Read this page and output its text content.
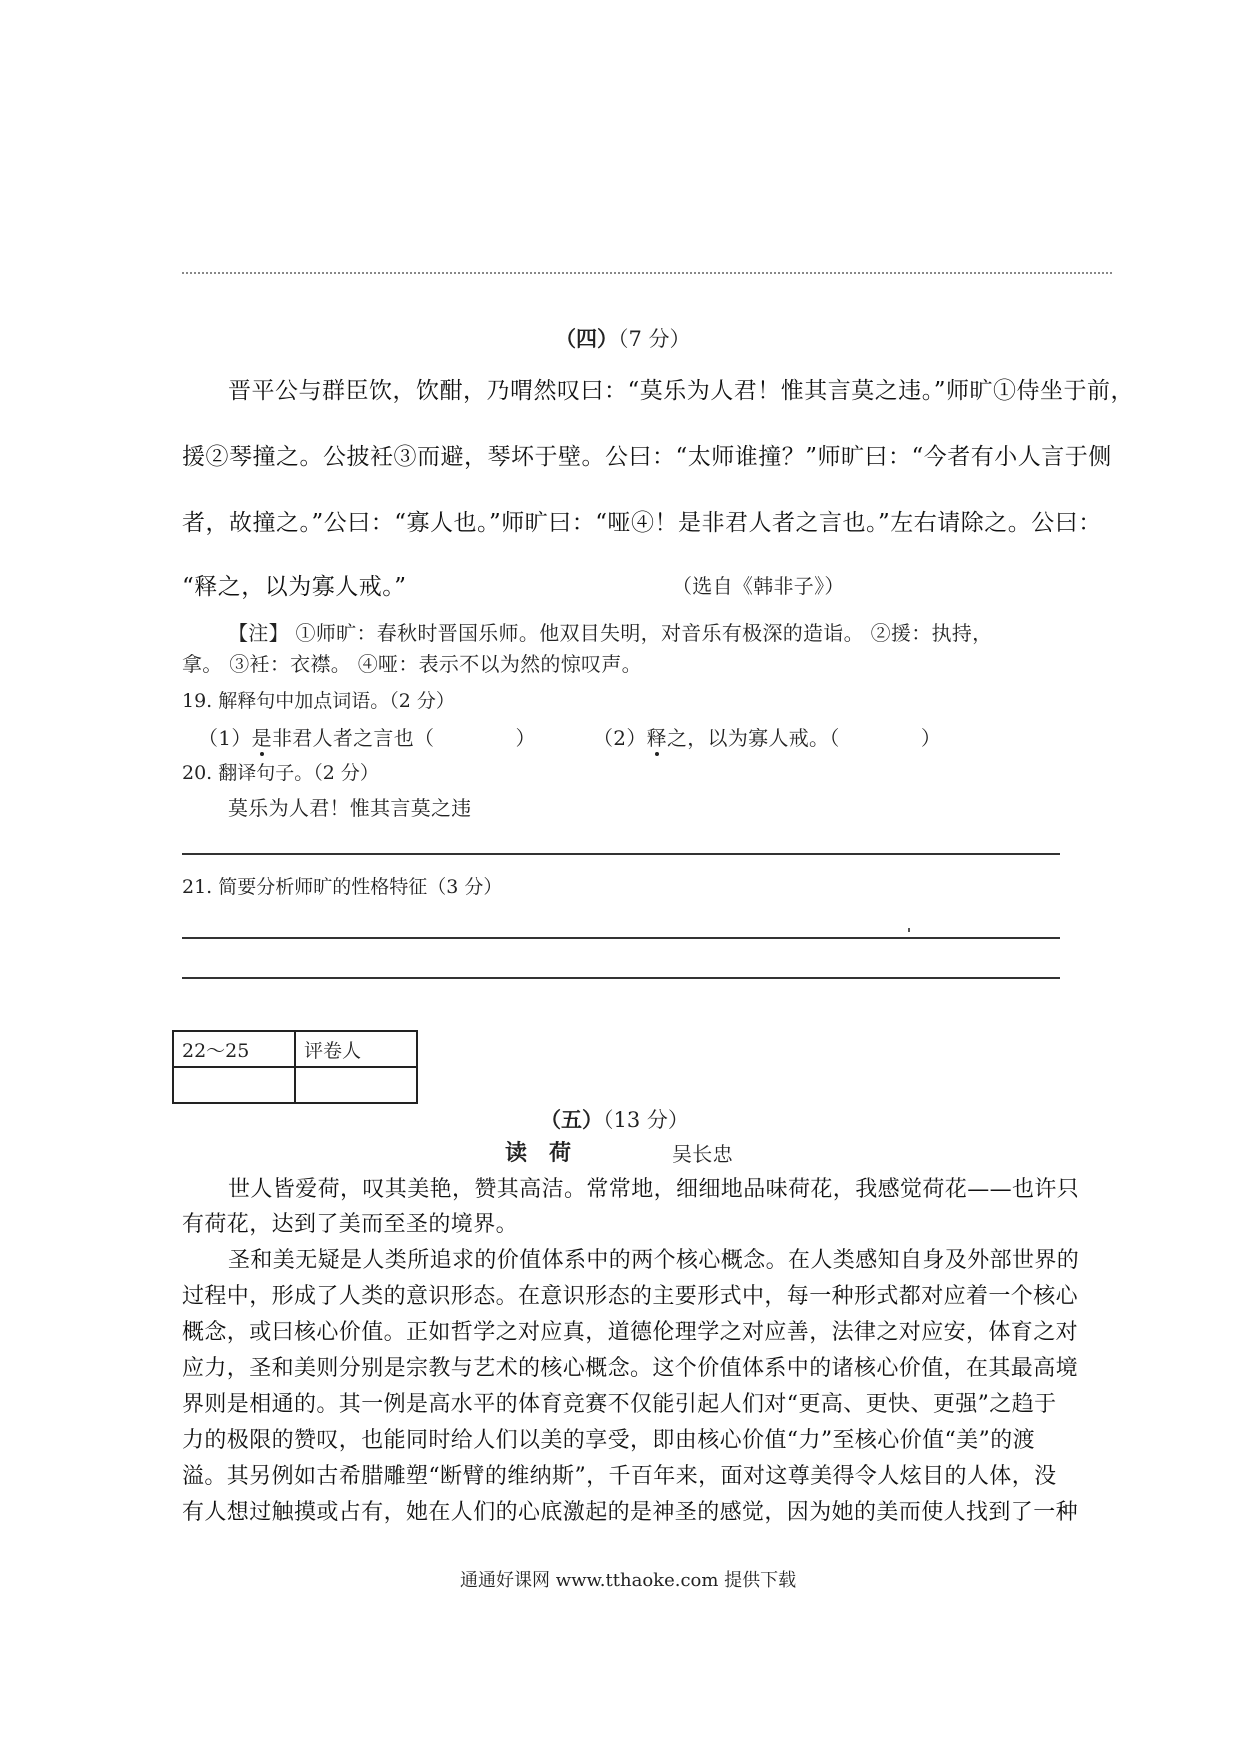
（四）（7 分）
晋平公与群臣饮，饮酣，乃喟然叹曰：“莫乐为人君！惟其言莫之违。”师旷①侍坐于前，
援②琴撞之。公披衽③而避，琴坏于壁。公曰：“太师谁撞？”师旷曰：“今者有小人言于侧
者，故撞之。”公曰：“寡人也。”师旷曰：“哑④！是非君人者之言也。”左右请除之。公曰：
“释之，以为寡人戒。”	（选自《韩非子》）
【注】 ①师旷：春秋时晋国乐师。他双目失明，对音乐有极深的造诣。 ②援：执持，
拿。 ③衽：衣襟。 ④哑：表示不以为然的惊叹声。
19. 解释句中加点词语。（2 分）
（1）是非君人者之言也（　　　　）	（2）释之，以为寡人戒。（　　　　）
20. 翻译句子。（2 分）
莫乐为人君！惟其言莫之违
21. 简要分析师旷的性格特征（3 分）
22～25	评卷人

（五）（13 分）
读　荷	吴长忠
世人皆爱荷，叹其美艳，赞其高洁。常常地，细细地品味荷花，我感觉荷花——也许只
有荷花，达到了美而至圣的境界。
圣和美无疑是人类所追求的价值体系中的两个核心概念。在人类感知自身及外部世界的
过程中，形成了人类的意识形态。在意识形态的主要形式中，每一种形式都对应着一个核心
概念，或曰核心价值。正如哲学之对应真，道德伦理学之对应善，法律之对应安，体育之对
应力，圣和美则分别是宗教与艺术的核心概念。这个价值体系中的诸核心价值，在其最高境
界则是相通的。其一例是高水平的体育竞赛不仅能引起人们对“更高、更快、更强”之趋于
力的极限的赞叹，也能同时给人们以美的享受，即由核心价值“力”至核心价值“美”的渡
溢。其另例如古希腊雕塑“断臂的维纳斯”，千百年来，面对这尊美得令人炫目的人体，没
有人想过触摸或占有，她在人们的心底激起的是神圣的感觉，因为她的美而使人找到了一种
通通好课网 www.tthaoke.com 提供下载
